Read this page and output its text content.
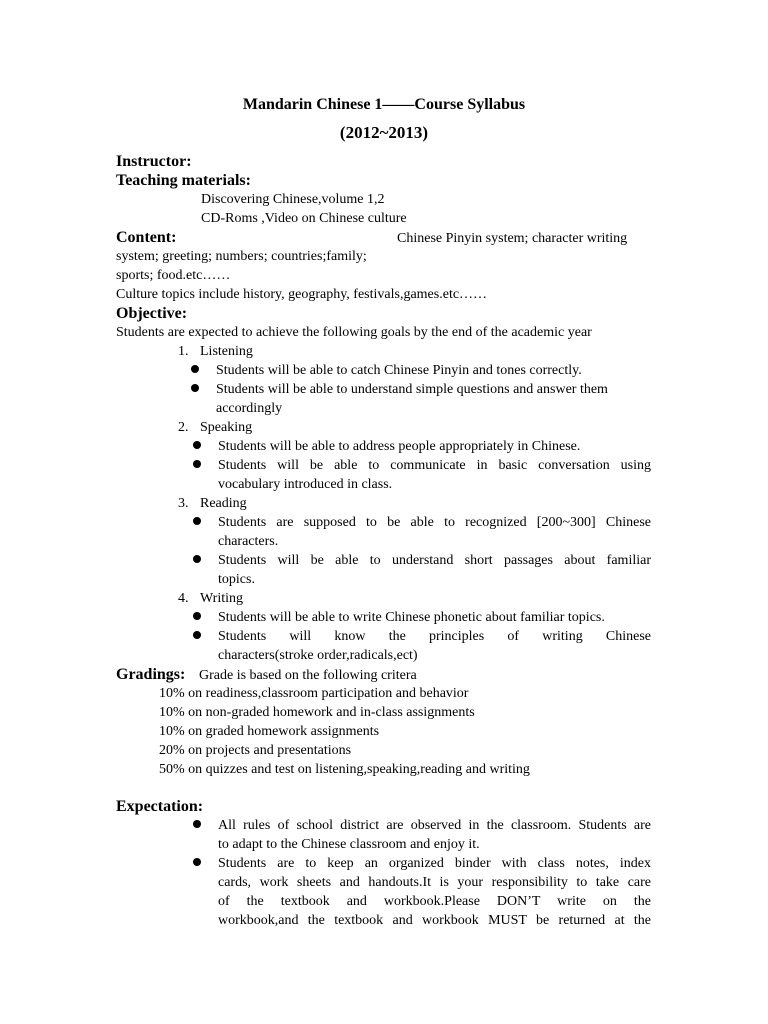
Mandarin Chinese 1——Course Syllabus
(2012~2013)
Instructor:
Teaching materials:
Discovering Chinese,volume 1,2
CD-Roms ,Video on Chinese culture
Content:	Chinese Pinyin system; character writing
system; greeting; numbers; countries;family;
sports; food.etc……
Culture topics include history, geography, festivals,games.etc……
Objective:
Students are expected to achieve the following goals by the end of the academic year
1. Listening
Students will be able to catch Chinese Pinyin and tones correctly.
Students will be able to understand simple questions and answer them
accordingly
2. Speaking
Students will be able to address people appropriately in Chinese.
Students will be able to communicate in basic conversation using
vocabulary introduced in class.
3. Reading
Students are supposed to be able to recognized [200~300] Chinese
characters.
Students will be able to understand short passages about familiar
topics.
4. Writing
Students will be able to write Chinese phonetic about familiar topics.
Students will know the principles of writing Chinese
characters(stroke order,radicals,ect)
Gradings: Grade is based on the following critera
10% on readiness,classroom participation and behavior
10% on non-graded homework and in-class assignments
10% on graded homework assignments
20% on projects and presentations
50% on quizzes and test on listening,speaking,reading and writing
Expectation:
All rules of school district are observed in the classroom. Students are
to adapt to the Chinese classroom and enjoy it.
Students are to keep an organized binder with class notes, index
cards, work sheets and handouts.It is your responsibility to take care
of the textbook and workbook.Please DON’T write on the
workbook,and the textbook and workbook MUST be returned at the
